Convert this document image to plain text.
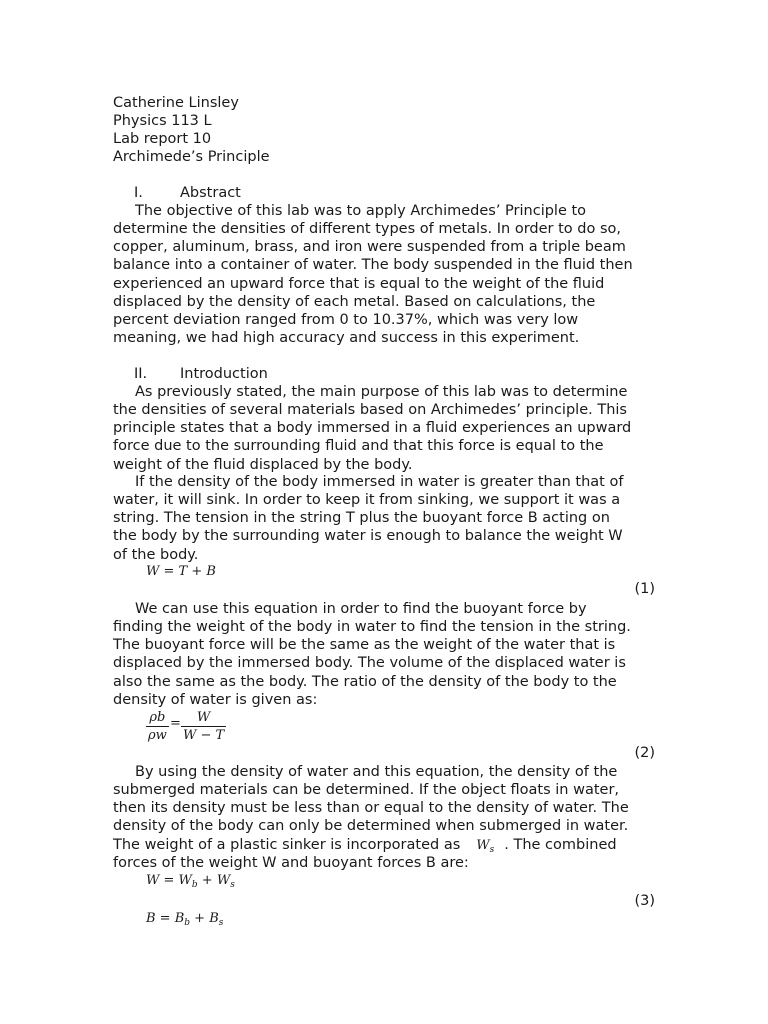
Catherine Linsley
Physics 113 L
Lab report 10
Archimede’s Principle
I.	Abstract
The objective of this lab was to apply Archimedes’ Principle to
determine the densities of different types of metals. In order to do so,
copper, aluminum, brass, and iron were suspended from a triple beam
balance into a container of water. The body suspended in the fluid then
experienced an upward force that is equal to the weight of the fluid
displaced by the density of each metal. Based on calculations, the
percent deviation ranged from 0 to 10.37%, which was very low
meaning, we had high accuracy and success in this experiment.
II. Introduction
As previously stated, the main purpose of this lab was to determine
the densities of several materials based on Archimedes’ principle. This
principle states that a body immersed in a fluid experiences an upward
force due to the surrounding fluid and that this force is equal to the
weight of the fluid displaced by the body.
If the density of the body immersed in water is greater than that of
water, it will sink. In order to keep it from sinking, we support it was a
string. The tension in the string T plus the buoyant force B acting on
the body by the surrounding water is enough to balance the weight W
of the body.
W = T + B
(1)
We can use this equation in order to find the buoyant force by
finding the weight of the body in water to find the tension in the string.
The buoyant force will be the same as the weight of the water that is
displaced by the immersed body. The volume of the displaced water is
also the same as the body. The ratio of the density of the body to the
density of water is given as:
$\frac{\rho b}{\rho w} = \frac{W}{W - T}$
(2)
By using the density of water and this equation, the density of the
submerged materials can be determined. If the object floats in water,
then its density must be less than or equal to the density of water. The
density of the body can only be determined when submerged in water.
The weight of a plastic sinker is incorporated as $W_s$ . The combined
forces of the weight W and buoyant forces B are:
$W = W_b + W_s$
(3)
$B = B_b + B_s$
